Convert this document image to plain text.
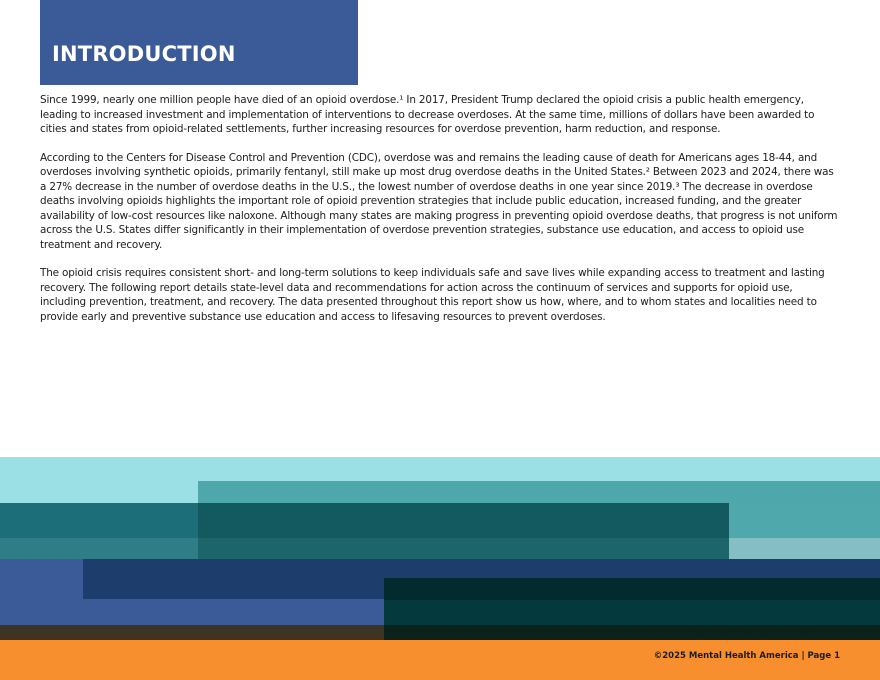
INTRODUCTION

Since 1999, nearly one million people have died of an opioid overdose.¹ In 2017, President Trump declared the opioid crisis a public health emergency, leading to increased investment and implementation of interventions to decrease overdoses. At the same time, millions of dollars have been awarded to cities and states from opioid-related settlements, further increasing resources for overdose prevention, harm reduction, and response.

According to the Centers for Disease Control and Prevention (CDC), overdose was and remains the leading cause of death for Americans ages 18-44, and overdoses involving synthetic opioids, primarily fentanyl, still make up most drug overdose deaths in the United States.² Between 2023 and 2024, there was a 27% decrease in the number of overdose deaths in the U.S., the lowest number of overdose deaths in one year since 2019.³ The decrease in overdose deaths involving opioids highlights the important role of opioid prevention strategies that include public education, increased funding, and the greater availability of low-cost resources like naloxone. Although many states are making progress in preventing opioid overdose deaths, that progress is not uniform across the U.S. States differ significantly in their implementation of overdose prevention strategies, substance use education, and access to opioid use treatment and recovery.

The opioid crisis requires consistent short- and long-term solutions to keep individuals safe and save lives while expanding access to treatment and lasting recovery. The following report details state-level data and recommendations for action across the continuum of services and supports for opioid use, including prevention, treatment, and recovery. The data presented throughout this report show us how, where, and to whom states and localities need to provide early and preventive substance use education and access to lifesaving resources to prevent overdoses.

©2025 Mental Health America | Page 1
